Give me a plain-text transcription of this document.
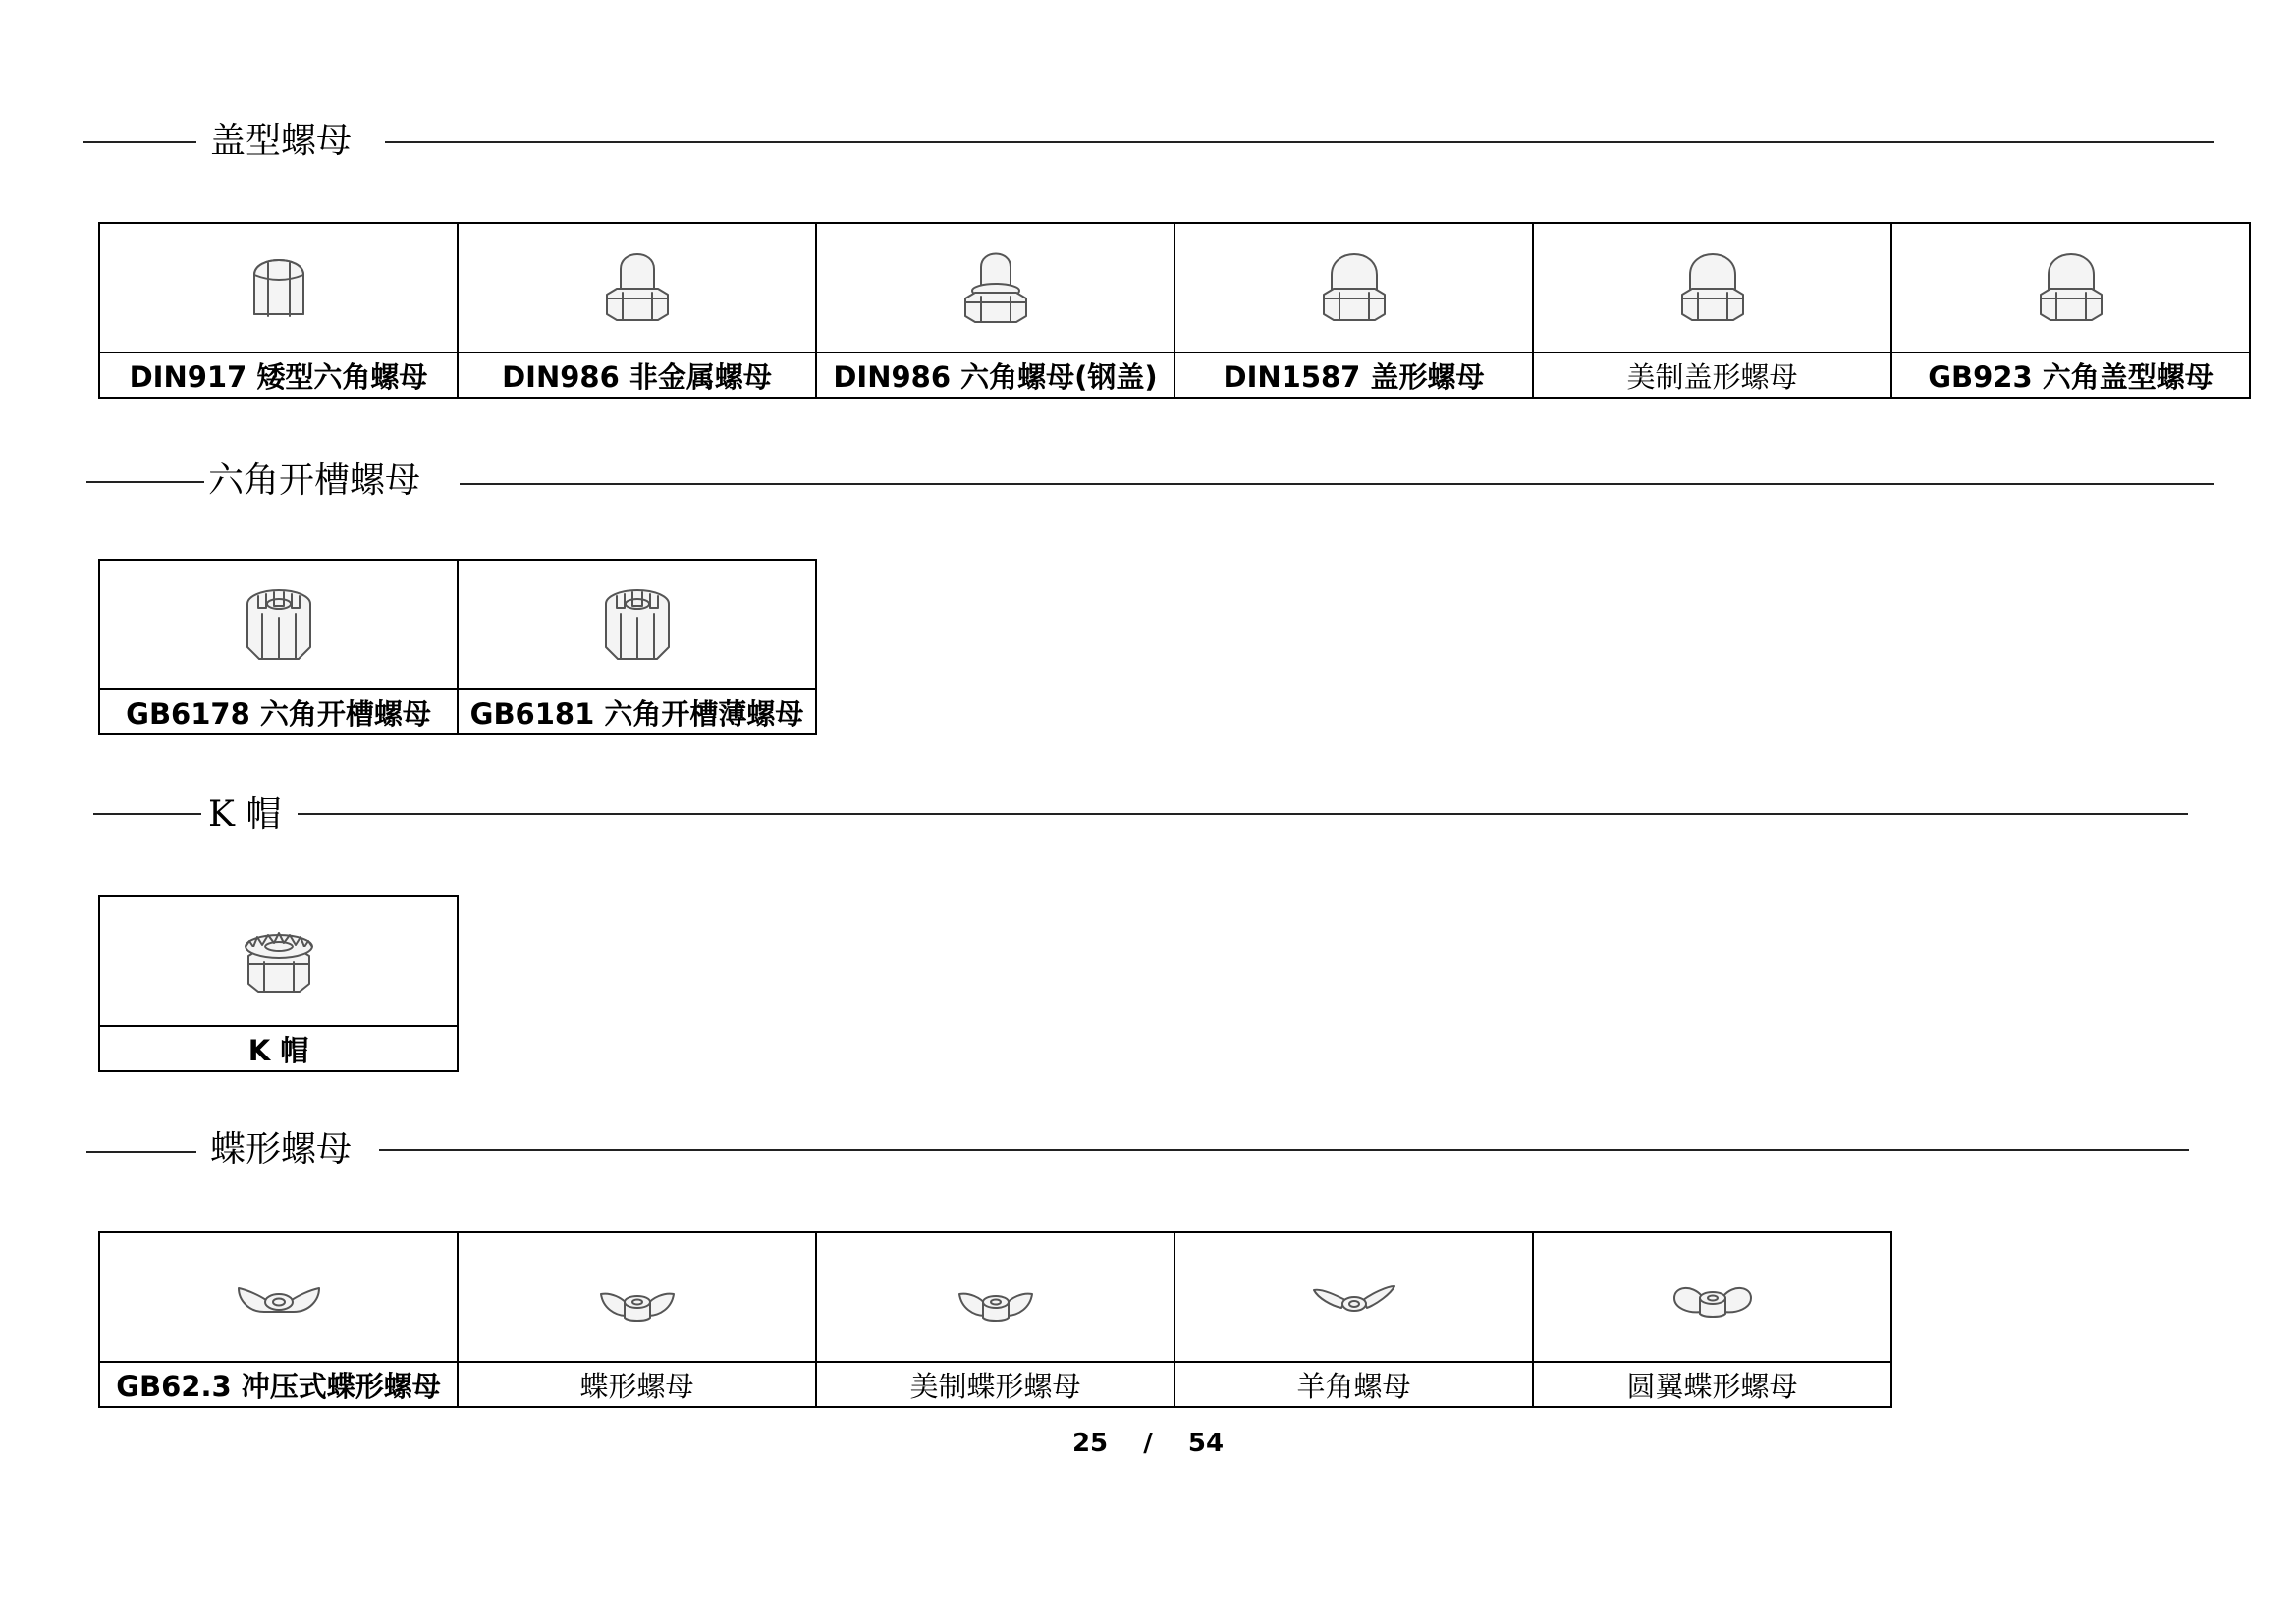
盖型螺母
DIN917 矮型六角螺母	DIN986 非金属螺母	DIN986 六角螺母(钢盖)	DIN1587 盖形螺母	美制盖形螺母	GB923 六角盖型螺母
六角开槽螺母
GB6178 六角开槽螺母	GB6181 六角开槽薄螺母
K 帽
K 帽
蝶形螺母
GB62.3 冲压式蝶形螺母	蝶形螺母	美制蝶形螺母	羊角螺母	圆翼蝶形螺母
25 / 54
